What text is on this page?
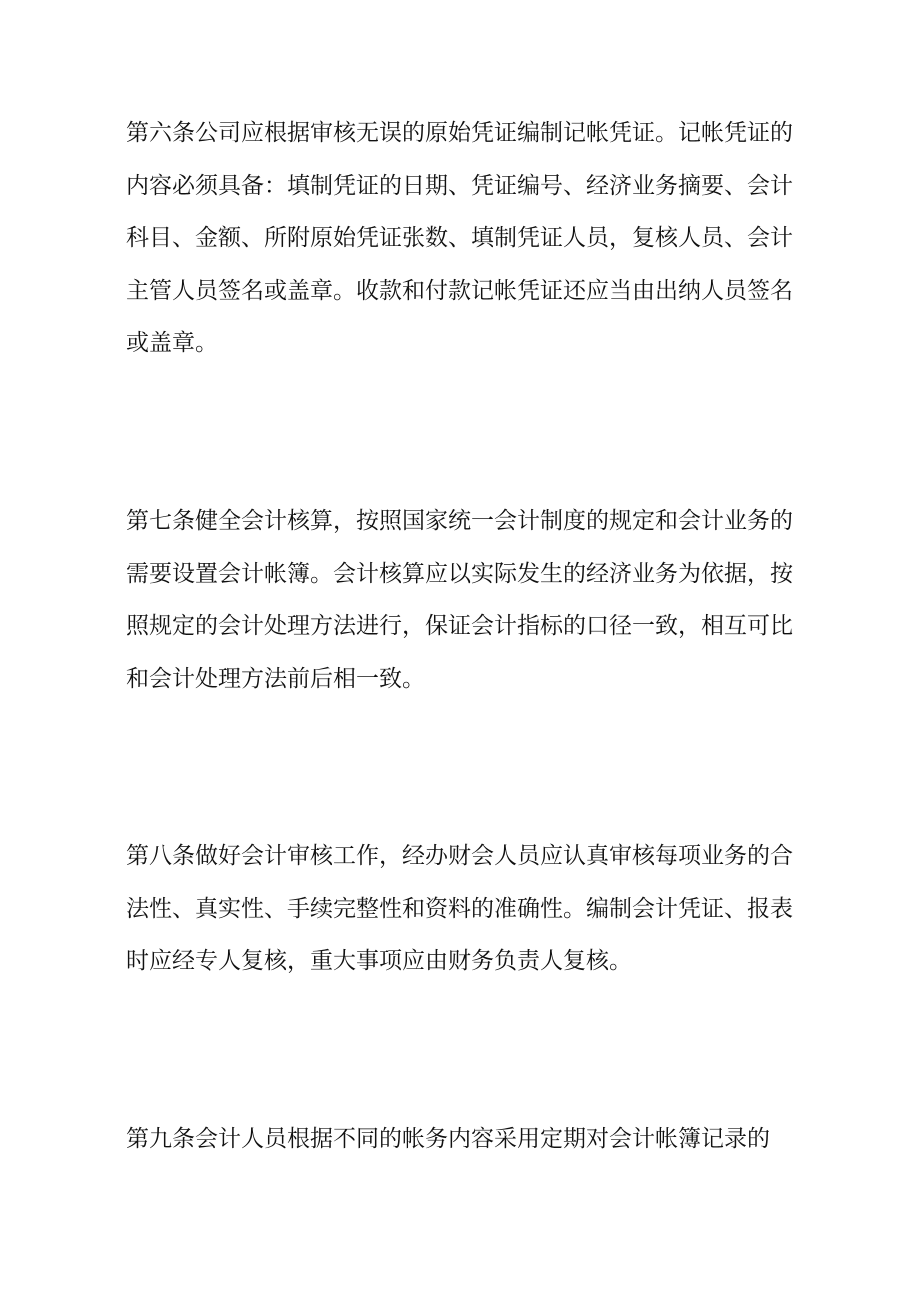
第六条公司应根据审核无误的原始凭证编制记帐凭证。记帐凭证的
内容必须具备：填制凭证的日期、凭证编号、经济业务摘要、会计
科目、金额、所附原始凭证张数、填制凭证人员，复核人员、会计
主管人员签名或盖章。收款和付款记帐凭证还应当由出纳人员签名
或盖章。

第七条健全会计核算，按照国家统一会计制度的规定和会计业务的
需要设置会计帐簿。会计核算应以实际发生的经济业务为依据，按
照规定的会计处理方法进行，保证会计指标的口径一致，相互可比
和会计处理方法前后相一致。

第八条做好会计审核工作，经办财会人员应认真审核每项业务的合
法性、真实性、手续完整性和资料的准确性。编制会计凭证、报表
时应经专人复核，重大事项应由财务负责人复核。

第九条会计人员根据不同的帐务内容采用定期对会计帐簿记录的
